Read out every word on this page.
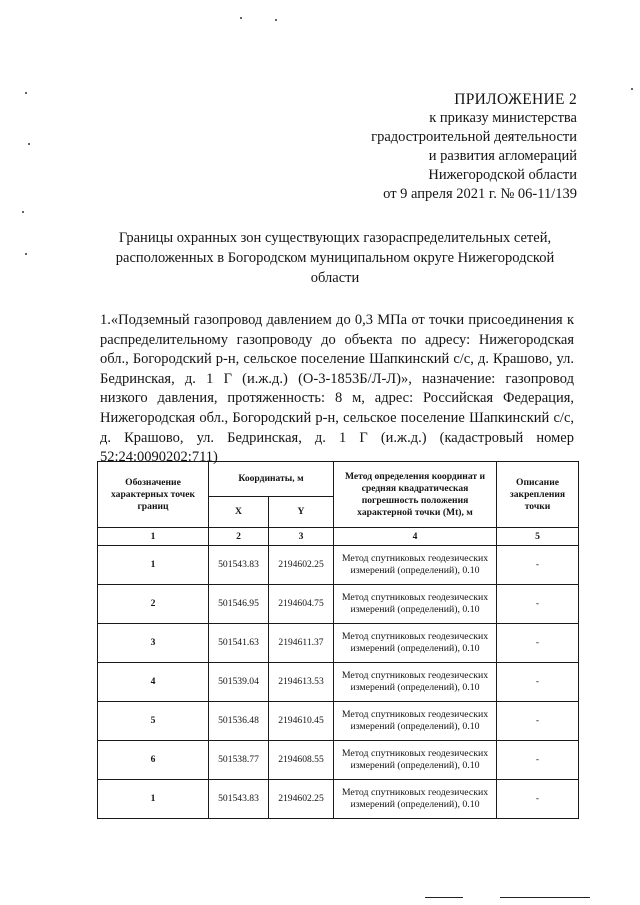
ПРИЛОЖЕНИЕ 2
к приказу министерства
градостроительной деятельности
и развития агломераций
Нижегородской области
от 9 апреля 2021 г. № 06-11/139
Границы охранных зон существующих газораспределительных сетей, расположенных в Богородском муниципальном округе Нижегородской области
1.«Подземный газопровод давлением до 0,3 МПа от точки присоединения к распределительному газопроводу до объекта по адресу: Нижегородская обл., Богородский р-н, сельское поселение Шапкинский с/с, д. Крашово, ул. Бедринская, д. 1 Г (и.ж.д.) (О-3-1853Б/Л-Л)», назначение: газопровод низкого давления, протяженность: 8 м, адрес: Российская Федерация, Нижегородская обл., Богородский р-н, сельское поселение Шапкинский с/с, д. Крашово, ул. Бедринская, д. 1 Г (и.ж.д.) (кадастровый номер 52:24:0090202:711)
Обозначение характерных точек границ	Координаты, м		Метод определения координат и средняя квадратическая погрешность положения характерной точки (Mt), м	Описание закрепления точки
	X	Y		
1	2	3	4	5
1	501543.83	2194602.25	Метод спутниковых геодезических измерений (определений), 0.10	-
2	501546.95	2194604.75	Метод спутниковых геодезических измерений (определений), 0.10	-
3	501541.63	2194611.37	Метод спутниковых геодезических измерений (определений), 0.10	-
4	501539.04	2194613.53	Метод спутниковых геодезических измерений (определений), 0.10	-
5	501536.48	2194610.45	Метод спутниковых геодезических измерений (определений), 0.10	-
6	501538.77	2194608.55	Метод спутниковых геодезических измерений (определений), 0.10	-
1	501543.83	2194602.25	Метод спутниковых геодезических измерений (определений), 0.10	-
